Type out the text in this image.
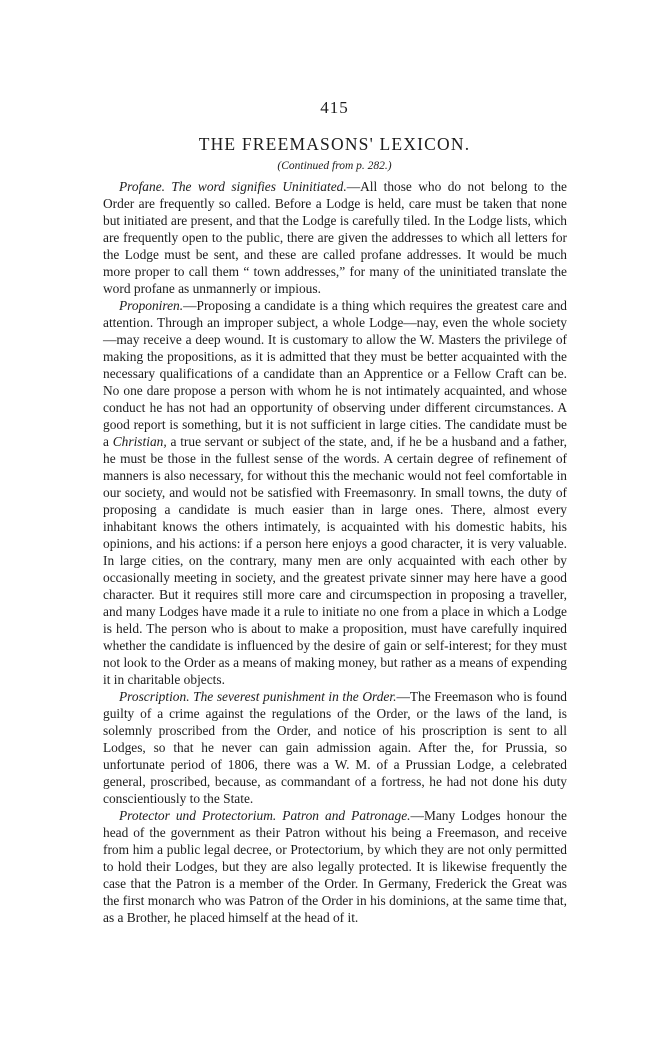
415
THE FREEMASONS' LEXICON.
(Continued from p. 282.)

Profane. The word signifies Uninitiated.—All those who do not belong to the Order are frequently so called. Before a Lodge is held, care must be taken that none but initiated are present, and that the Lodge is carefully tiled. In the Lodge lists, which are frequently open to the public, there are given the addresses to which all letters for the Lodge must be sent, and these are called profane addresses. It would be much more proper to call them “ town addresses,” for many of the uninitiated translate the word profane as unmannerly or impious.

Proponiren.—Proposing a candidate is a thing which requires the greatest care and attention. Through an improper subject, a whole Lodge—nay, even the whole society—may receive a deep wound. It is customary to allow the W. Masters the privilege of making the propositions, as it is admitted that they must be better acquainted with the necessary qualifications of a candidate than an Apprentice or a Fellow Craft can be. No one dare propose a person with whom he is not intimately acquainted, and whose conduct he has not had an opportunity of observing under different circumstances. A good report is something, but it is not sufficient in large cities. The candidate must be a Christian, a true servant or subject of the state, and, if he be a husband and a father, he must be those in the fullest sense of the words. A certain degree of refinement of manners is also necessary, for without this the mechanic would not feel comfortable in our society, and would not be satisfied with Freemasonry. In small towns, the duty of proposing a candidate is much easier than in large ones. There, almost every inhabitant knows the others intimately, is acquainted with his domestic habits, his opinions, and his actions: if a person here enjoys a good character, it is very valuable. In large cities, on the contrary, many men are only acquainted with each other by occasionally meeting in society, and the greatest private sinner may here have a good character. But it requires still more care and circumspection in proposing a traveller, and many Lodges have made it a rule to initiate no one from a place in which a Lodge is held. The person who is about to make a proposition, must have carefully inquired whether the candidate is influenced by the desire of gain or self-interest; for they must not look to the Order as a means of making money, but rather as a means of expending it in charitable objects.

Proscription. The severest punishment in the Order.—The Freemason who is found guilty of a crime against the regulations of the Order, or the laws of the land, is solemnly proscribed from the Order, and notice of his proscription is sent to all Lodges, so that he never can gain admission again. After the, for Prussia, so unfortunate period of 1806, there was a W. M. of a Prussian Lodge, a celebrated general, proscribed, because, as commandant of a fortress, he had not done his duty conscientiously to the State.

Protector und Protectorium. Patron and Patronage.—Many Lodges honour the head of the government as their Patron without his being a Freemason, and receive from him a public legal decree, or Protectorium, by which they are not only permitted to hold their Lodges, but they are also legally protected. It is likewise frequently the case that the Patron is a member of the Order. In Germany, Frederick the Great was the first monarch who was Patron of the Order in his dominions, at the same time that, as a Brother, he placed himself at the head of it.
